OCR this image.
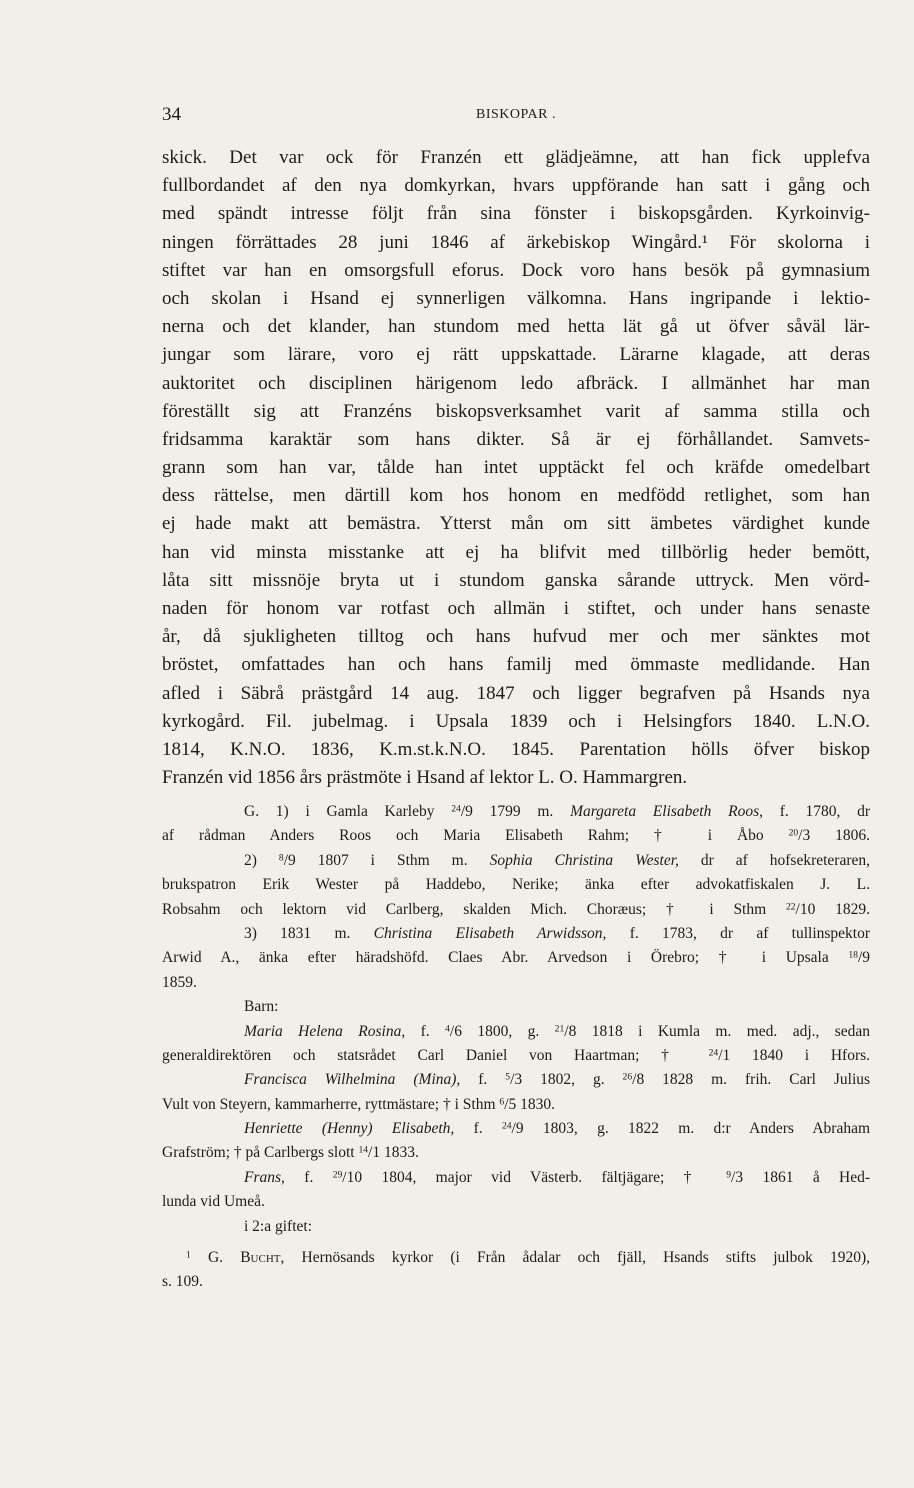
34	BISKOPAR .
skick. Det var ock för Franzén ett glädjeämne, att han fick upplefva
fullbordandet af den nya domkyrkan, hvars uppförande han satt i gång och
med spändt intresse följt från sina fönster i biskopsgården. Kyrkoinvig-
ningen förrättades 28 juni 1846 af ärkebiskop Wingård.¹ För skolorna i
stiftet var han en omsorgsfull eforus. Dock voro hans besök på gymnasium
och skolan i Hsand ej synnerligen välkomna. Hans ingripande i lektio-
nerna och det klander, han stundom med hetta lät gå ut öfver såväl lär-
jungar som lärare, voro ej rätt uppskattade. Lärarne klagade, att deras
auktoritet och disciplinen härigenom ledo afbräck. I allmänhet har man
föreställt sig att Franzéns biskopsverksamhet varit af samma stilla och
fridsamma karaktär som hans dikter. Så är ej förhållandet. Samvets-
grann som han var, tålde han intet upptäckt fel och kräfde omedelbart
dess rättelse, men därtill kom hos honom en medfödd retlighet, som han
ej hade makt att bemästra. Ytterst mån om sitt ämbetes värdighet kunde
han vid minsta misstanke att ej ha blifvit med tillbörlig heder bemött,
låta sitt missnöje bryta ut i stundom ganska sårande uttryck. Men vörd-
naden för honom var rotfast och allmän i stiftet, och under hans senaste
år, då sjukligheten tilltog och hans hufvud mer och mer sänktes mot
bröstet, omfattades han och hans familj med ömmaste medlidande. Han
afled i Säbrå prästgård 14 aug. 1847 och ligger begrafven på Hsands nya
kyrkogård. Fil. jubelmag. i Upsala 1839 och i Helsingfors 1840. L.N.O.
1814, K.N.O. 1836, K.m.st.k.N.O. 1845. Parentation hölls öfver biskop
Franzén vid 1856 års prästmöte i Hsand af lektor L. O. Hammargren.
G. 1) i Gamla Karleby $^{24}$/9 1799 m. Margareta Elisabeth Roos, f. 1780, dr
af rådman Anders Roos och Maria Elisabeth Rahm; † i Åbo	$^{20}$/3 1806.
2) $^8$/9 1807 i Sthm m. Sophia Christina Wester, dr af hofsekreteraren,
brukspatron Erik Wester på Haddebo, Nerike; änka efter advokatfiskalen J. L.
Robsahm och lektorn vid Carlberg, skalden Mich. Choræus; † i Sthm $^{22}$/10 1829.
3) 1831 m. Christina Elisabeth Arwidsson, f. 1783, dr af tullinspektor
Arwid A., änka efter häradshöfd. Claes Abr. Arvedson i Örebro; † i Upsala $^{18}$/9
1859.
Barn:
Maria Helena Rosina, f. $^4$/6 1800, g. $^{21}$/8 1818 i Kumla m. med. adj., sedan
generaldirektören och statsrådet Carl Daniel von Haartman; † $^{24}$/1 1840 i Hfors.
Francisca Wilhelmina (Mina), f. $^5$/3 1802, g. $^{26}$/8 1828 m. frih. Carl Julius
Vult von Steyern, kammarherre, ryttmästare; † i Sthm $^6$/5 1830.
Henriette (Henny) Elisabeth, f. $^{24}$/9 1803, g. 1822 m. d:r Anders Abraham
Grafström; † på Carlbergs slott $^{14}$/1 1833.
Frans, f. $^{29}$/10 1804, major vid Västerb. fältjägare; † $^9$/3 1861 å Hed-
lunda vid Umeå.
i 2:a giftet:
$^1$ G. Bucht, Hernösands kyrkor (i Från ådalar och fjäll, Hsands stifts julbok 1920),
s. 109.
